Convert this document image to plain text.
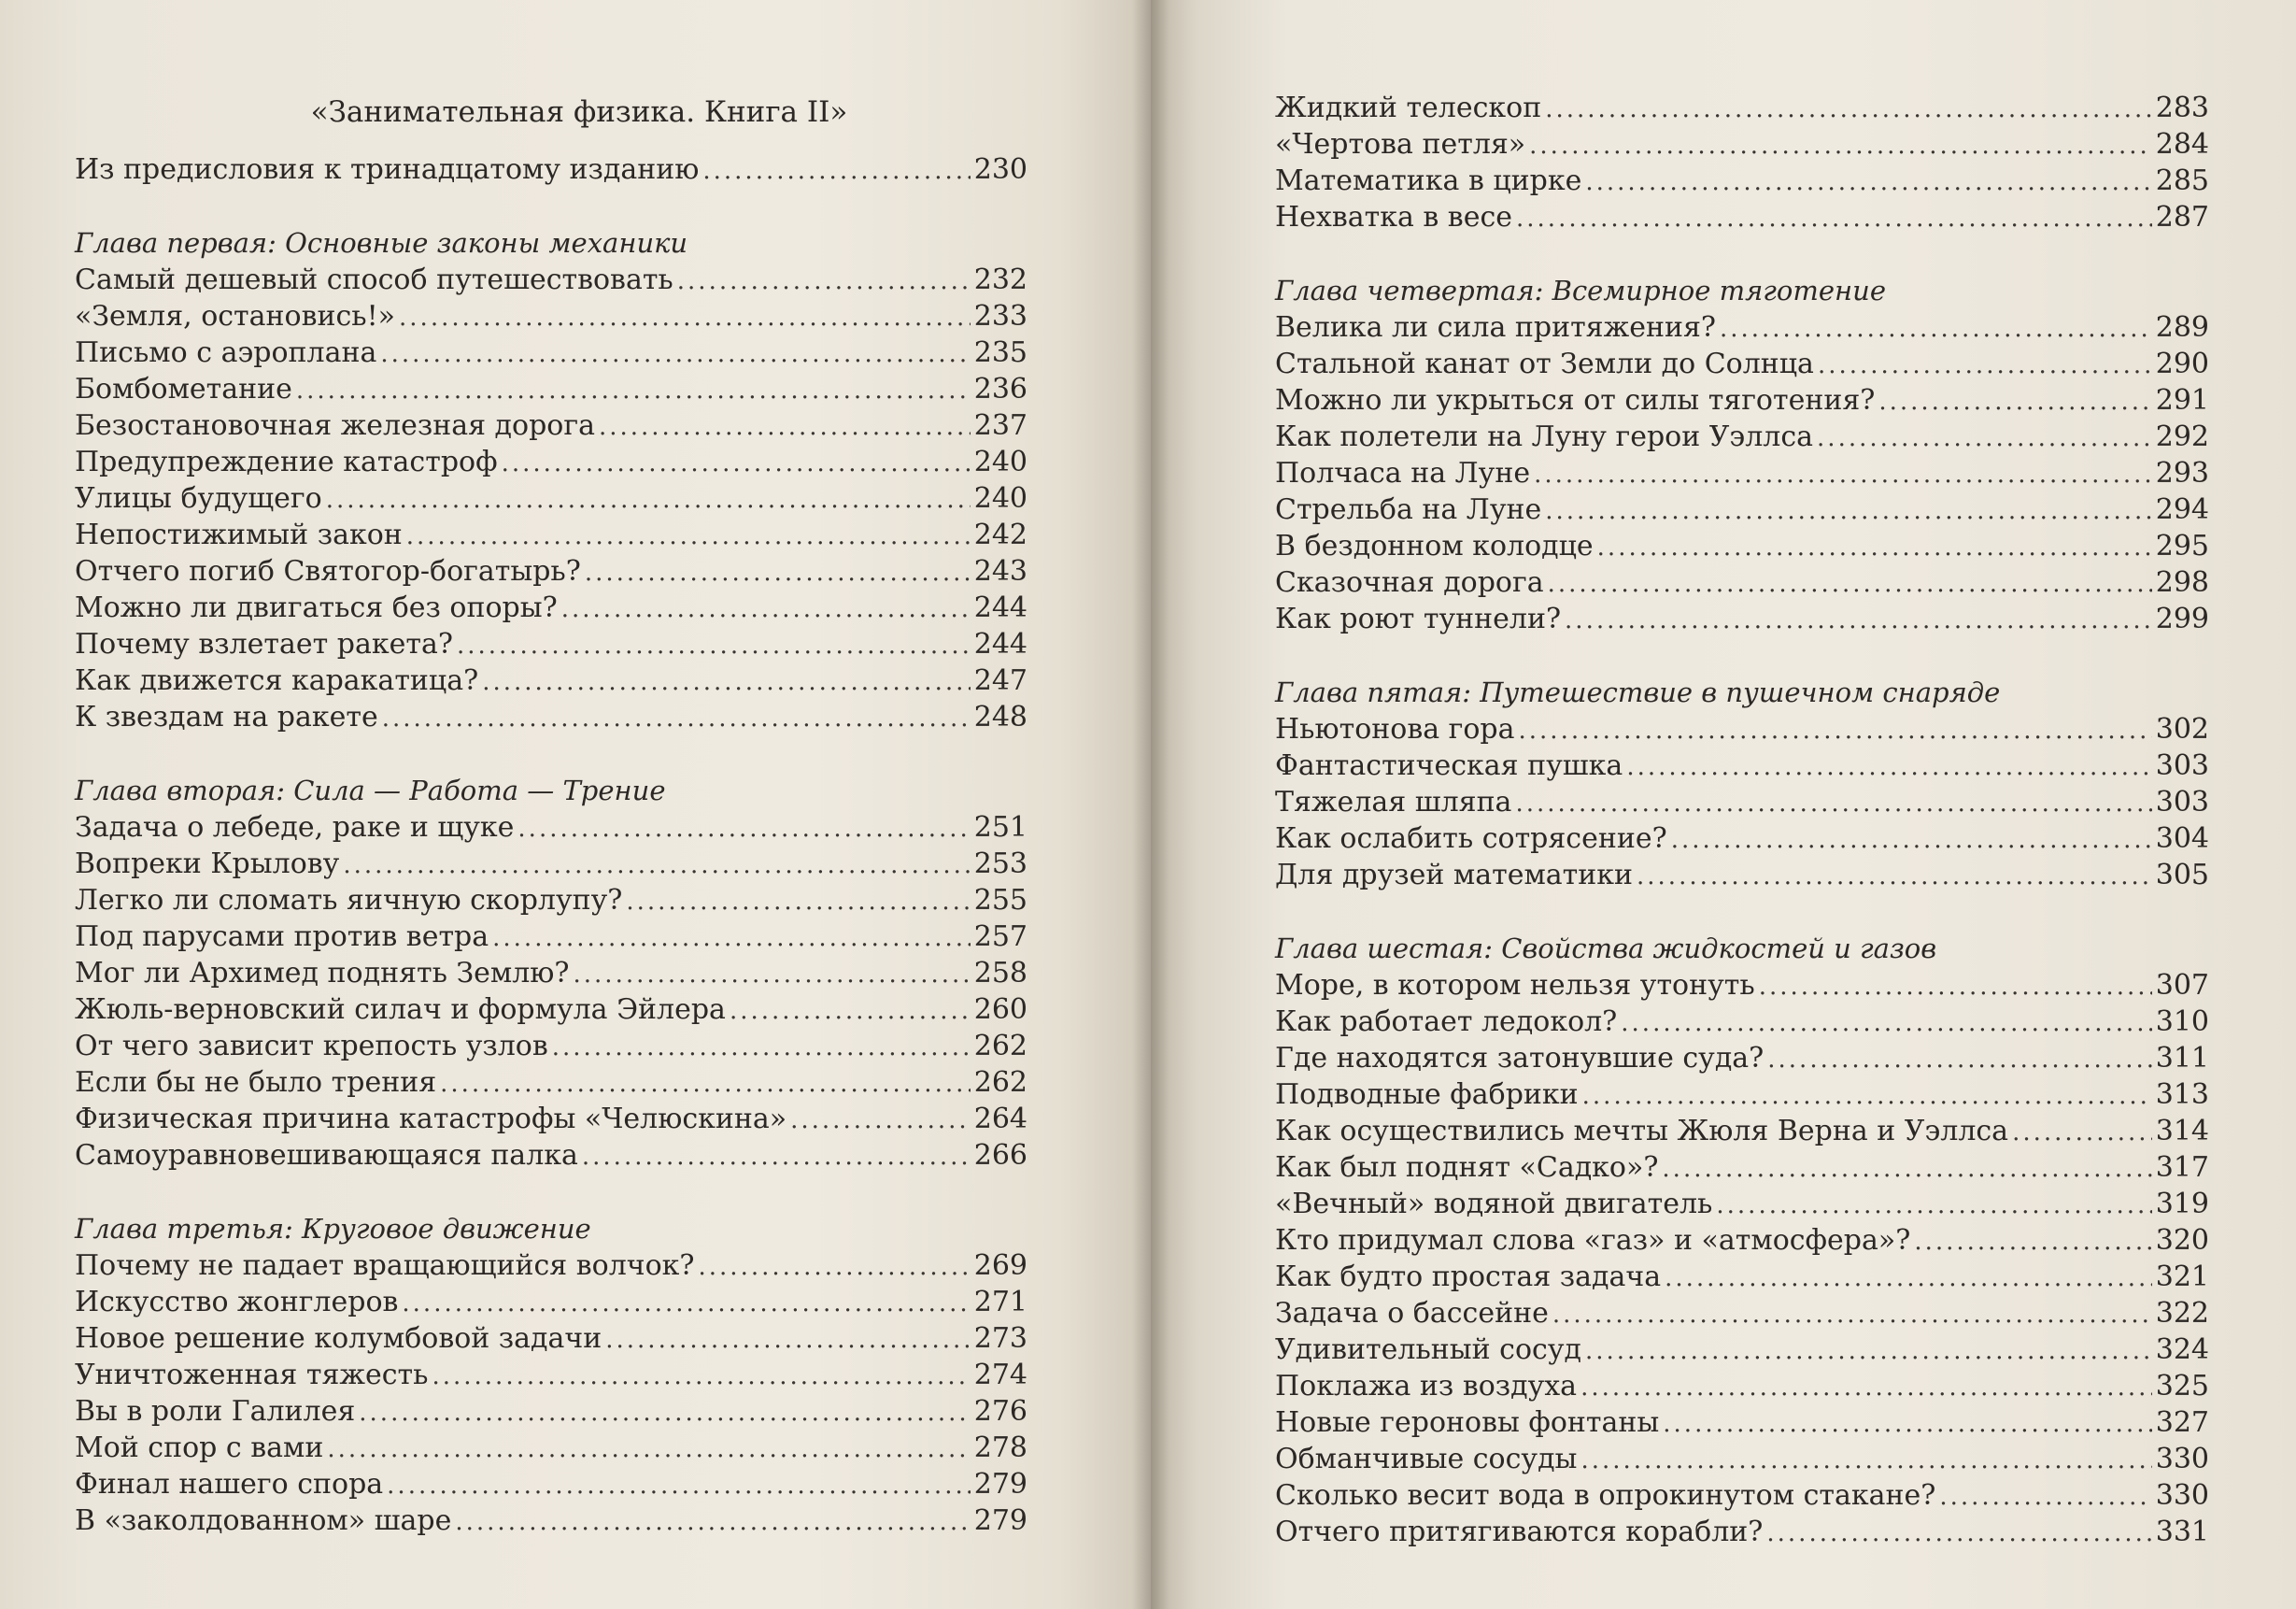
«Занимательная физика. Книга II»
Из предисловия к тринадцатому изданию .....	230
Глава первая: Основные законы механики
Самый дешевый способ путешествовать .....	232
«Земля, остановись!» .....	233
Письмо с аэроплана .....	235
Бомбометание .....	236
Безостановочная железная дорога .....	237
Предупреждение катастроф .....	240
Улицы будущего .....	240
Непостижимый закон .....	242
Отчего погиб Святогор-богатырь? .....	243
Можно ли двигаться без опоры? .....	244
Почему взлетает ракета? .....	244
Как движется каракатица? .....	247
К звездам на ракете .....	248
Глава вторая: Сила — Работа — Трение
Задача о лебеде, раке и щуке .....	251
Вопреки Крылову .....	253
Легко ли сломать яичную скорлупу? .....	255
Под парусами против ветра .....	257
Мог ли Архимед поднять Землю? .....	258
Жюль-верновский силач и формула Эйлера .....	260
От чего зависит крепость узлов .....	262
Если бы не было трения .....	262
Физическая причина катастрофы «Челюскина» .....	264
Самоуравновешивающаяся палка .....	266
Глава третья: Круговое движение
Почему не падает вращающийся волчок? .....	269
Искусство жонглеров .....	271
Новое решение колумбовой задачи .....	273
Уничтоженная тяжесть .....	274
Вы в роли Галилея .....	276
Мой спор с вами .....	278
Финал нашего спора .....	279
В «заколдованном» шаре .....	279
Жидкий телескоп .....	283
«Чертова петля» .....	284
Математика в цирке .....	285
Нехватка в весе .....	287
Глава четвертая: Всемирное тяготение
Велика ли сила притяжения? .....	289
Стальной канат от Земли до Солнца .....	290
Можно ли укрыться от силы тяготения? .....	291
Как полетели на Луну герои Уэллса .....	292
Полчаса на Луне .....	293
Стрельба на Луне .....	294
В бездонном колодце .....	295
Сказочная дорога .....	298
Как роют туннели? .....	299
Глава пятая: Путешествие в пушечном снаряде
Ньютонова гора .....	302
Фантастическая пушка .....	303
Тяжелая шляпа .....	303
Как ослабить сотрясение? .....	304
Для друзей математики .....	305
Глава шестая: Свойства жидкостей и газов
Море, в котором нельзя утонуть .....	307
Как работает ледокол? .....	310
Где находятся затонувшие суда? .....	311
Подводные фабрики .....	313
Как осуществились мечты Жюля Верна и Уэллса .....	314
Как был поднят «Садко»? .....	317
«Вечный» водяной двигатель .....	319
Кто придумал слова «газ» и «атмосфера»? .....	320
Как будто простая задача .....	321
Задача о бассейне .....	322
Удивительный сосуд .....	324
Поклажа из воздуха .....	325
Новые героновы фонтаны .....	327
Обманчивые сосуды .....	330
Сколько весит вода в опрокинутом стакане? .....	330
Отчего притягиваются корабли? .....	331
